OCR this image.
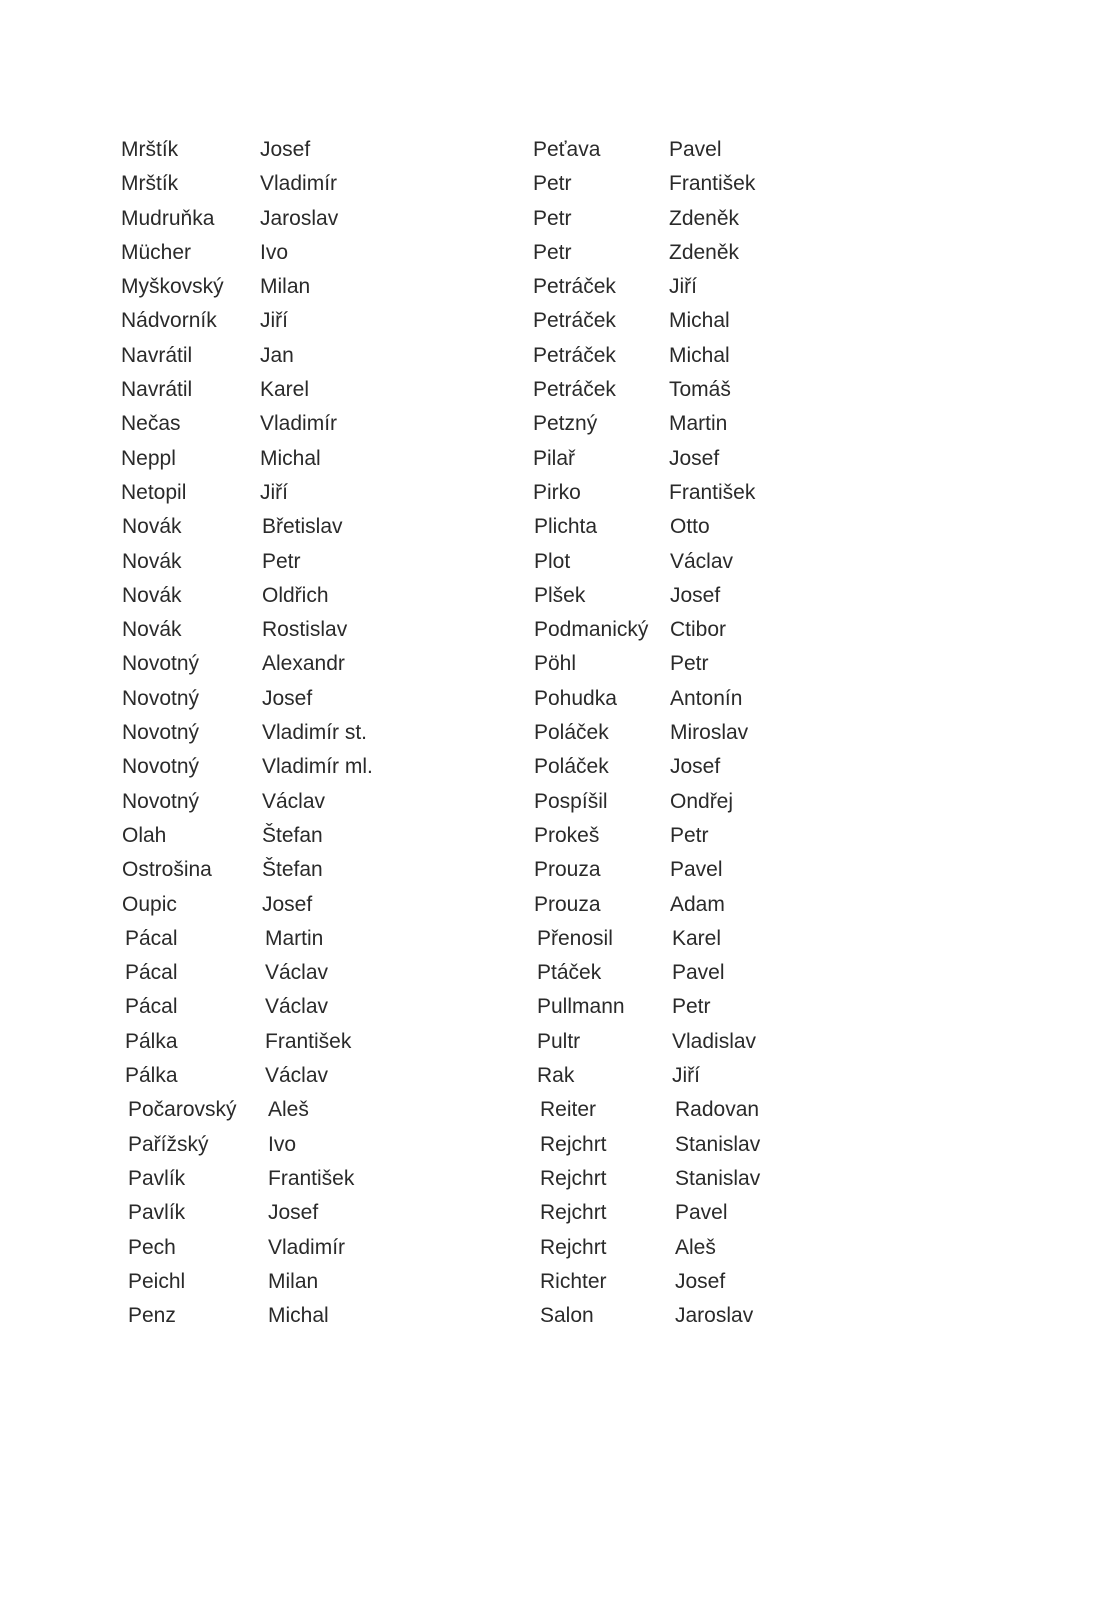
Mrštík	Josef
Mrštík	Vladimír
Mudruňka Jaroslav
Mücher	Ivo
Myškovský Milan
Nádvorník Jiří
Navrátil	Jan
Navrátil	Karel
Nečas	Vladimír
Neppl	Michal
Netopil	Jiří
Novák	Břetislav
Novák	Petr
Novák	Oldřich
Novák	Rostislav
Novotný	Alexandr
Novotný	Josef
Novotný	Vladimír st.
Novotný	Vladimír ml.
Novotný	Václav
Olah	Štefan
Ostrošina Štefan
Oupic	Josef
Pácal	Martin
Pácal	Václav
Pácal	Václav
Pálka	František
Pálka	Václav
Počarovský Aleš
Pařížský	Ivo
Pavlík	František
Pavlík	Josef
Pech	Vladimír
Peichl	Milan
Penz	Michal
Peťava	Pavel
Petr	František
Petr	Zdeněk
Petr	Zdeněk
Petráček	Jiří
Petráček	Michal
Petráček	Michal
Petráček	Tomáš
Petzný	Martin
Pilař	Josef
Pirko	František
Plichta	Otto
Plot	Václav
Plšek	Josef
Podmanický Ctibor
Pöhl	Petr
Pohudka	Antonín
Poláček	Miroslav
Poláček	Josef
Pospíšil	Ondřej
Prokeš	Petr
Prouza	Pavel
Prouza	Adam
Přenosil	Karel
Ptáček	Pavel
Pullmann Petr
Pultr	Vladislav
Rak	Jiří
Reiter	Radovan
Rejchrt	Stanislav
Rejchrt	Stanislav
Rejchrt	Pavel
Rejchrt	Aleš
Richter	Josef
Salon	Jaroslav
